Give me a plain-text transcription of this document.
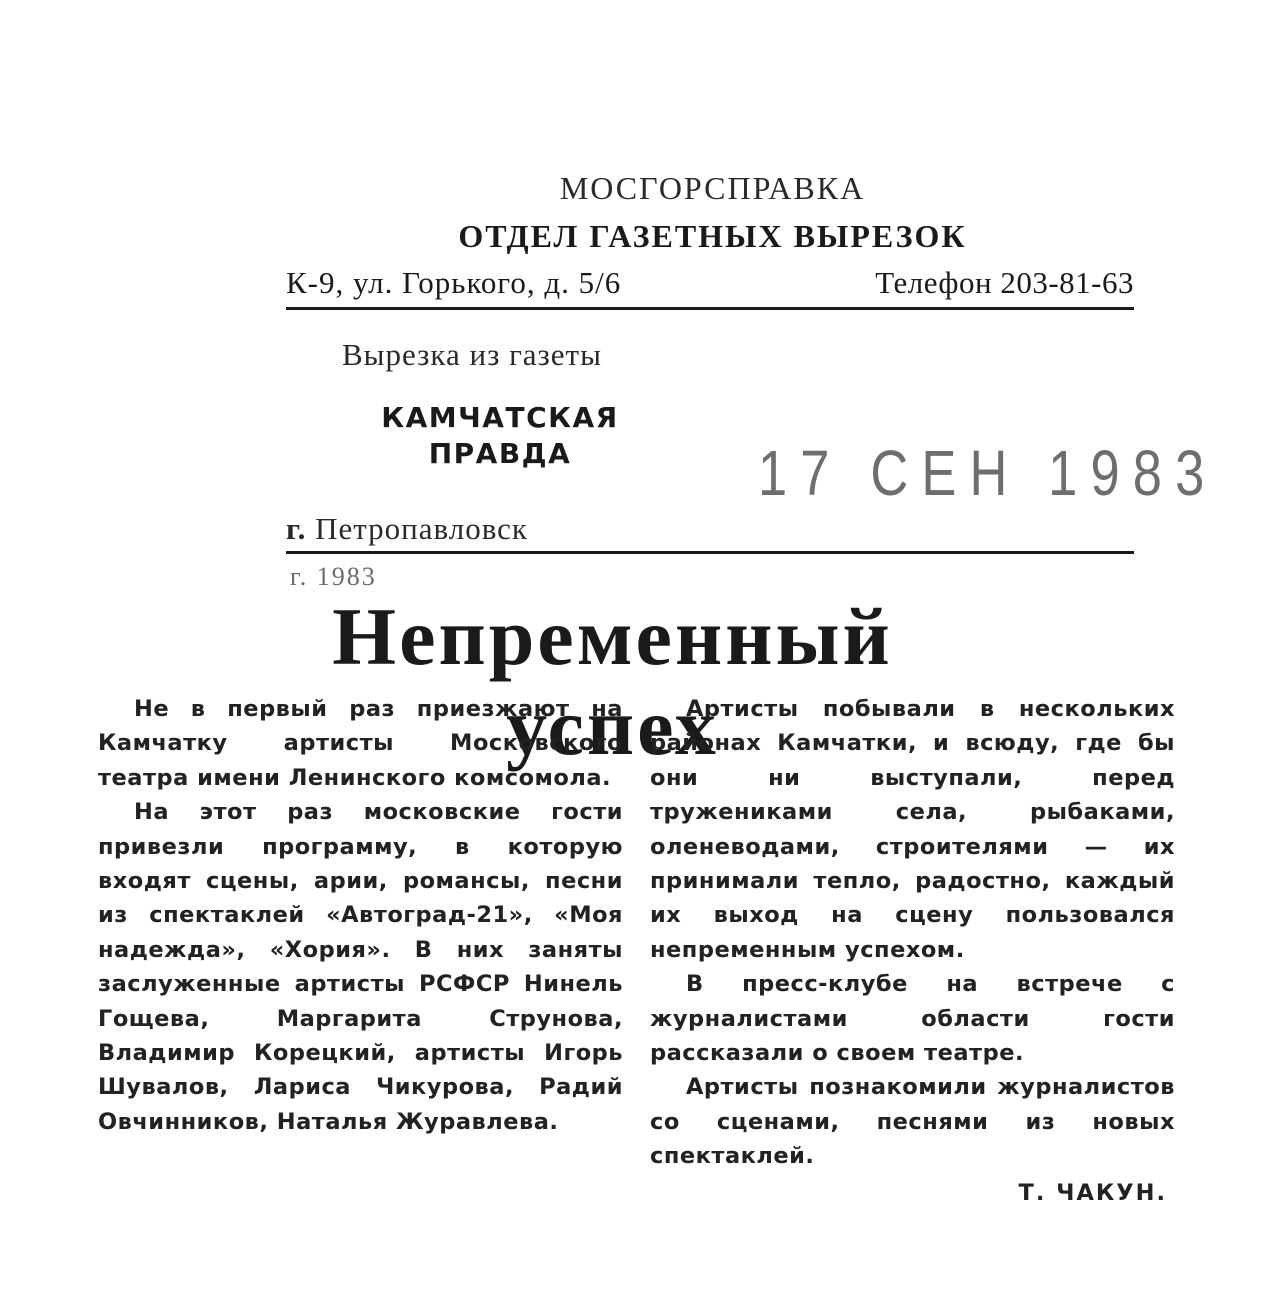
МОСГОРСПРАВКА
ОТДЕЛ ГАЗЕТНЫХ ВЫРЕЗОК
К-9, ул. Горького, д. 5/6	Телефон 203-81-63
Вырезка из газеты
КАМЧАТСКАЯ
ПРАВДА	17 СЕН 1983
г. Петропавловск
г. 1983
Непременный успех

Не в первый раз приезжают на Камчатку артисты Московского театра имени Ленинского комсомола.

На этот раз московские гости привезли программу, в которую входят сцены, арии, романсы, песни из спектаклей «Автоград-21», «Моя надежда», «Хория». В них заняты заслуженные артисты РСФСР Нинель Гощева, Маргарита Струнова, Владимир Корецкий, артисты Игорь Шувалов, Лариса Чикурова, Радий Овчинников, Наталья Журавлева.

Артисты побывали в нескольких районах Камчатки, и всюду, где бы они ни выступали, перед тружениками села, рыбаками, оленеводами, строителями — их принимали тепло, радостно, каждый их выход на сцену пользовался непременным успехом.

В пресс-клубе на встрече с журналистами области гости рассказали о своем театре.

Артисты познакомили журналистов со сценами, песнями из новых спектаклей.

Т. ЧАКУН.
